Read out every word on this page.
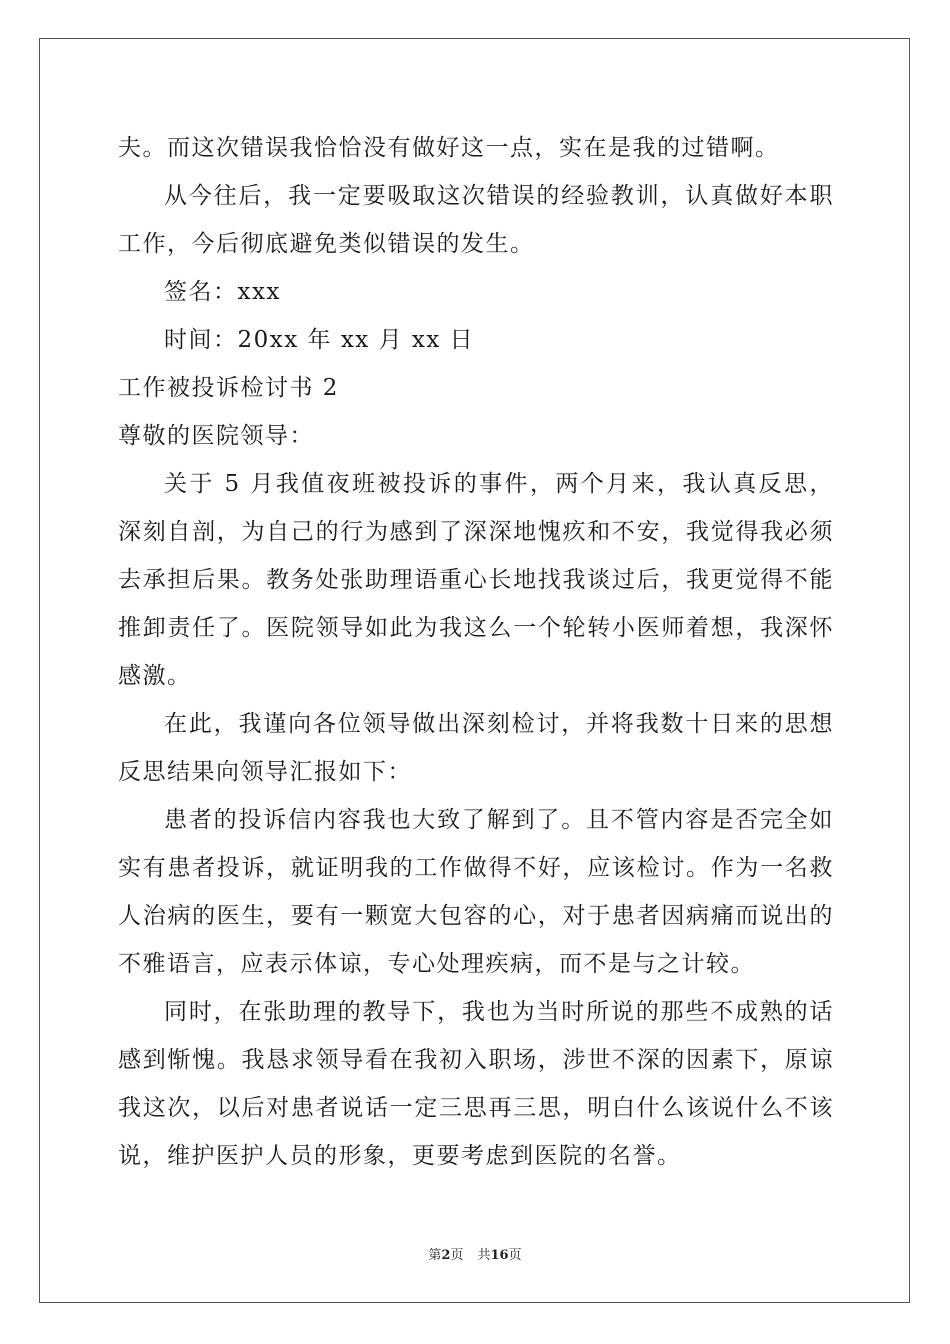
夫。而这次错误我恰恰没有做好这一点，实在是我的过错啊。

从今往后，我一定要吸取这次错误的经验教训，认真做好本职工作，今后彻底避免类似错误的发生。

签名：xxx

时间：20xx 年 xx 月 xx 日

工作被投诉检讨书 2

尊敬的医院领导：

关于 5 月我值夜班被投诉的事件，两个月来，我认真反思，深刻自剖，为自己的行为感到了深深地愧疚和不安，我觉得我必须去承担后果。教务处张助理语重心长地找我谈过后，我更觉得不能推卸责任了。医院领导如此为我这么一个轮转小医师着想，我深怀感激。

在此，我谨向各位领导做出深刻检讨，并将我数十日来的思想反思结果向领导汇报如下：

患者的投诉信内容我也大致了解到了。且不管内容是否完全如实有患者投诉，就证明我的工作做得不好，应该检讨。作为一名救人治病的医生，要有一颗宽大包容的心，对于患者因病痛而说出的不雅语言，应表示体谅，专心处理疾病，而不是与之计较。

同时，在张助理的教导下，我也为当时所说的那些不成熟的话感到惭愧。我恳求领导看在我初入职场，涉世不深的因素下，原谅我这次，以后对患者说话一定三思再三思，明白什么该说什么不该说，维护医护人员的形象，更要考虑到医院的名誉。

第2页 共16页
